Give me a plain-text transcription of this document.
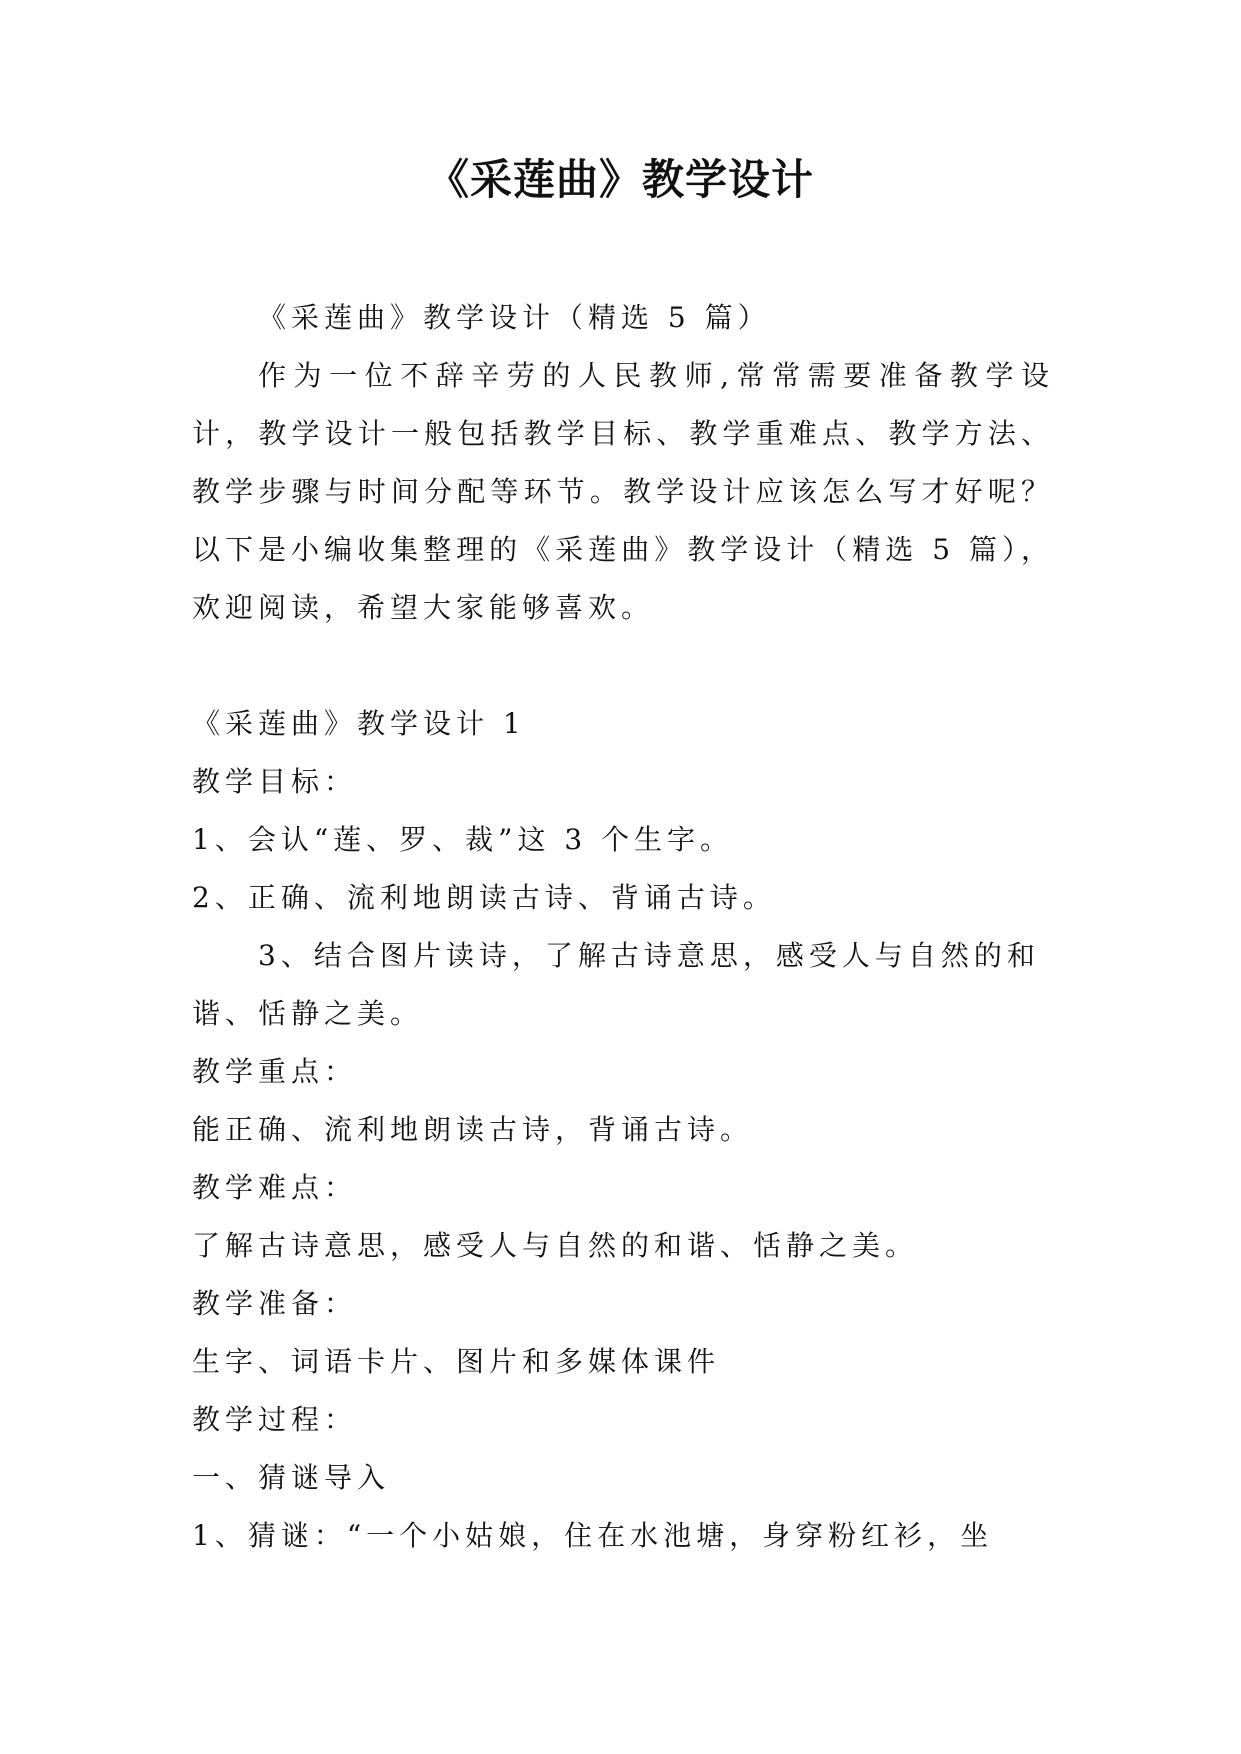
《采莲曲》教学设计

《采莲曲》教学设计（精选 5 篇）

作为一位不辞辛劳的人民教师,常常需要准备教学设计，教学设计一般包括教学目标、教学重难点、教学方法、教学步骤与时间分配等环节。教学设计应该怎么写才好呢？以下是小编收集整理的《采莲曲》教学设计（精选 5 篇），欢迎阅读，希望大家能够喜欢。

《采莲曲》教学设计 1

教学目标：

1、会认“莲、罗、裁”这 3 个生字。

2、正确、流利地朗读古诗、背诵古诗。

3、结合图片读诗，了解古诗意思，感受人与自然的和谐、恬静之美。

教学重点：

能正确、流利地朗读古诗，背诵古诗。

教学难点：

了解古诗意思，感受人与自然的和谐、恬静之美。

教学准备：

生字、词语卡片、图片和多媒体课件

教学过程：

一、猜谜导入

1、猜谜：“一个小姑娘，住在水池塘，身穿粉红衫，坐
